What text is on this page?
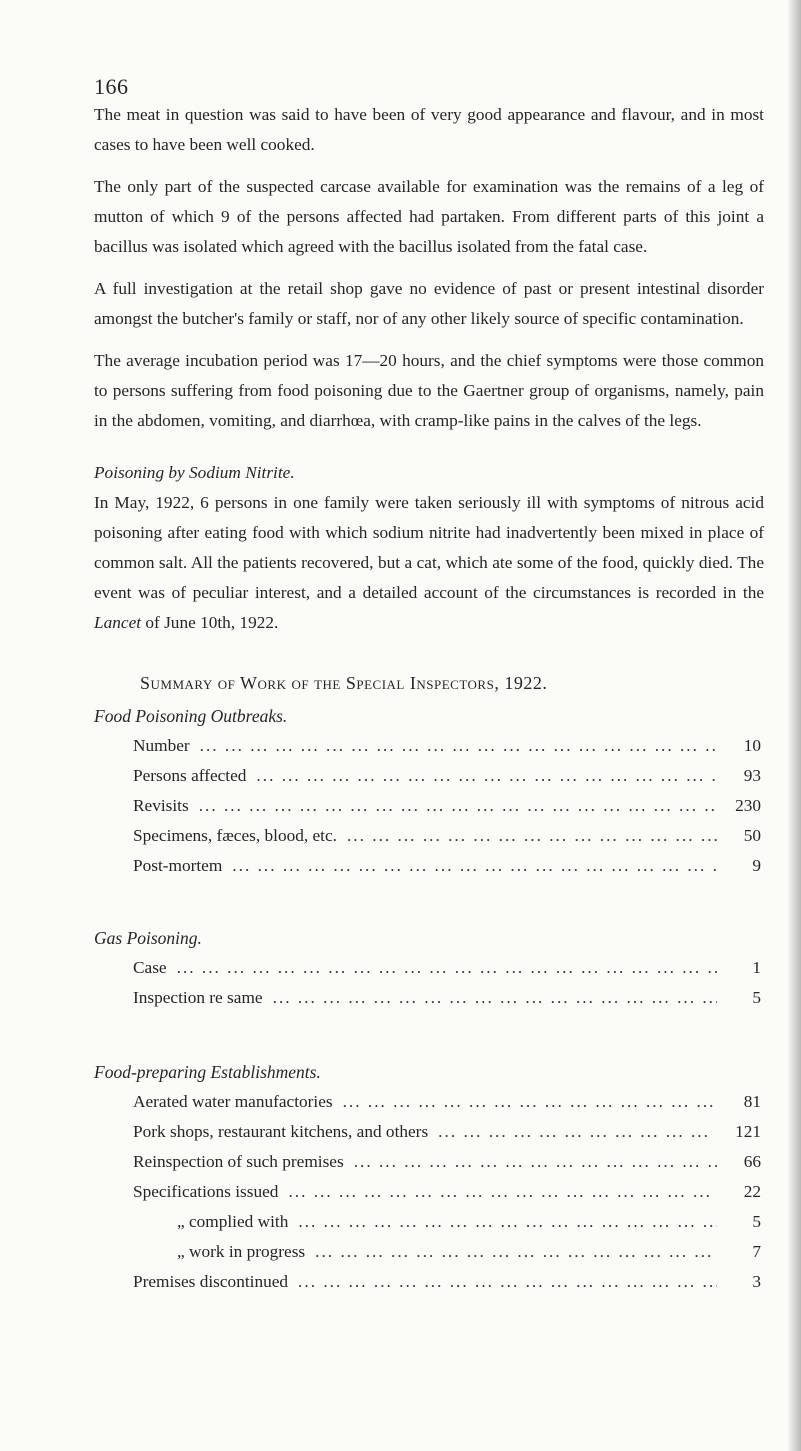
166

The meat in question was said to have been of very good appearance and flavour, and in most cases to have been well cooked.

The only part of the suspected carcase available for examination was the remains of a leg of mutton of which 9 of the persons affected had partaken. From different parts of this joint a bacillus was isolated which agreed with the bacillus isolated from the fatal case.

A full investigation at the retail shop gave no evidence of past or present intestinal disorder amongst the butcher's family or staff, nor of any other likely source of specific contamination.

The average incubation period was 17—20 hours, and the chief symptoms were those common to persons suffering from food poisoning due to the Gaertner group of organisms, namely, pain in the abdomen, vomiting, and diarrhœa, with cramp-like pains in the calves of the legs.

Poisoning by Sodium Nitrite.

In May, 1922, 6 persons in one family were taken seriously ill with symptoms of nitrous acid poisoning after eating food with which sodium nitrite had inadvertently been mixed in place of common salt. All the patients recovered, but a cat, which ate some of the food, quickly died. The event was of peculiar interest, and a detailed account of the circumstances is recorded in the Lancet of June 10th, 1922.

Summary of Work of the Special Inspectors, 1922.
Food Poisoning Outbreaks.
Number ... .	10
Persons affected ... .	93
Revisits ... .	230
Specimens, fæces, blood, etc. ... .	50
Post-mortem ... .	9
Gas Poisoning.
Case ... .	1
Inspection re same ... .	5
Food-preparing Establishments.
Aerated water manufactories ... .	81
Pork shops, restaurant kitchens, and others ... .	121
Reinspection of such premises ... .	66
Specifications issued ... .	22
„ complied with ... .	5
„ work in progress ... .	7
Premises discontinued ... .	3
